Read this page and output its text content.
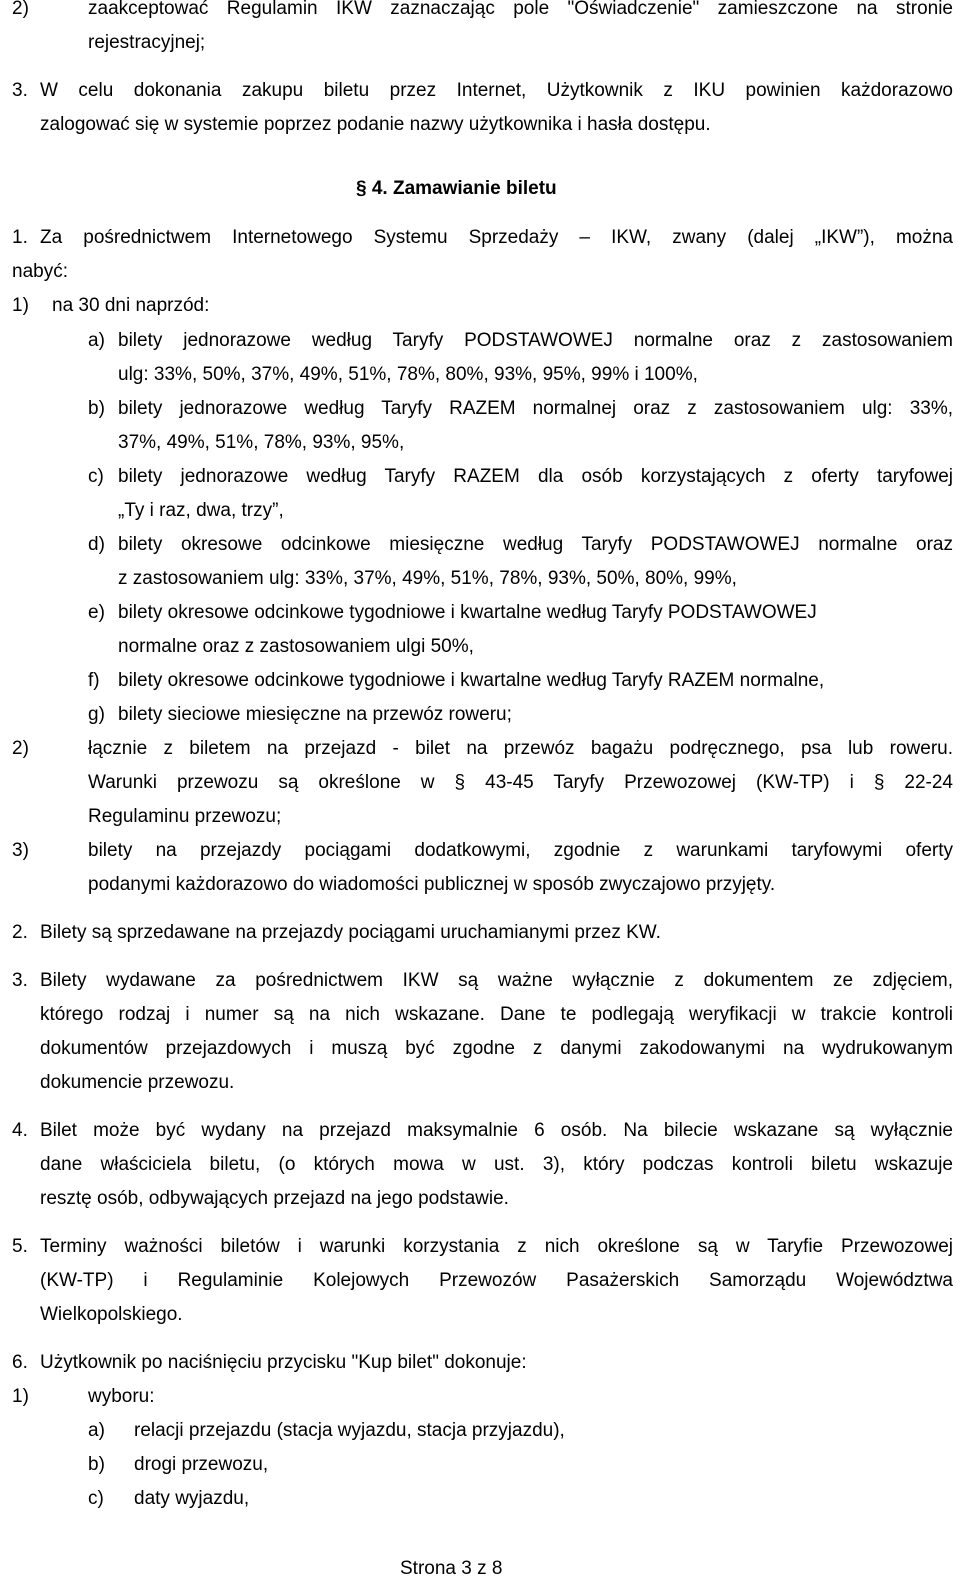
2)	zaakceptować Regulamin IKW zaznaczając pole "Oświadczenie" zamieszczone na stronie
rejestracyjnej;
3. W celu dokonania zakupu biletu przez Internet, Użytkownik z IKU powinien każdorazowo
zalogować się w systemie poprzez podanie nazwy użytkownika i hasła dostępu.
§ 4. Zamawianie biletu
1. Za pośrednictwem Internetowego Systemu Sprzedaży – IKW, zwany (dalej „IKW”), można
nabyć:
1) na 30 dni naprzód:
a) bilety jednorazowe według Taryfy PODSTAWOWEJ normalne oraz z zastosowaniem
ulg: 33%, 50%, 37%, 49%, 51%, 78%, 80%, 93%, 95%, 99% i 100%,
b) bilety jednorazowe według Taryfy RAZEM normalnej oraz z zastosowaniem ulg: 33%,
37%, 49%, 51%, 78%, 93%, 95%,
c) bilety jednorazowe według Taryfy RAZEM dla osób korzystających z oferty taryfowej
„Ty i raz, dwa, trzy”,
d) bilety okresowe odcinkowe miesięczne według Taryfy PODSTAWOWEJ normalne oraz
z zastosowaniem ulg: 33%, 37%, 49%, 51%, 78%, 93%, 50%, 80%, 99%,
e) bilety okresowe odcinkowe tygodniowe i kwartalne według Taryfy PODSTAWOWEJ
normalne oraz z zastosowaniem ulgi 50%,
f) bilety okresowe odcinkowe tygodniowe i kwartalne według Taryfy RAZEM normalne,
g) bilety sieciowe miesięczne na przewóz roweru;
2)	łącznie z biletem na przejazd - bilet na przewóz bagażu podręcznego, psa lub roweru.
Warunki przewozu są określone w § 43-45 Taryfy Przewozowej (KW-TP) i § 22-24
Regulaminu przewozu;
3)	bilety na przejazdy pociągami dodatkowymi, zgodnie z warunkami taryfowymi oferty
podanymi każdorazowo do wiadomości publicznej w sposób zwyczajowo przyjęty.
2. Bilety są sprzedawane na przejazdy pociągami uruchamianymi przez KW.
3. Bilety wydawane za pośrednictwem IKW są ważne wyłącznie z dokumentem ze zdjęciem,
którego rodzaj i numer są na nich wskazane. Dane te podlegają weryfikacji w trakcie kontroli
dokumentów przejazdowych i muszą być zgodne z danymi zakodowanymi na wydrukowanym
dokumencie przewozu.
4. Bilet może być wydany na przejazd maksymalnie 6 osób. Na bilecie wskazane są wyłącznie
dane właściciela biletu, (o których mowa w ust. 3), który podczas kontroli biletu wskazuje
resztę osób, odbywających przejazd na jego podstawie.
5. Terminy ważności biletów i warunki korzystania z nich określone są w Taryfie Przewozowej
(KW-TP) i Regulaminie Kolejowych Przewozów Pasażerskich Samorządu Województwa
Wielkopolskiego.
6. Użytkownik po naciśnięciu przycisku "Kup bilet" dokonuje:
1)	wyboru:
a) relacji przejazdu (stacja wyjazdu, stacja przyjazdu),
b) drogi przewozu,
c) daty wyjazdu,
Strona 3 z 8
